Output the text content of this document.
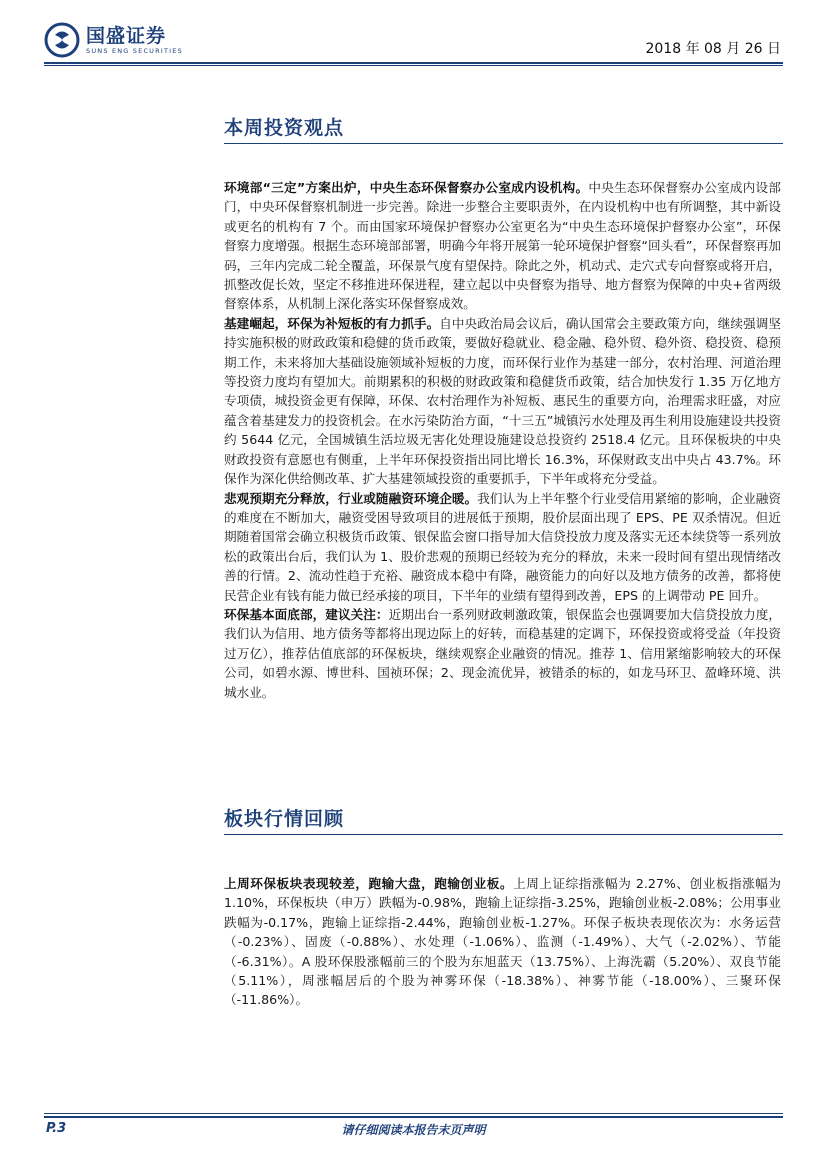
国盛证券
SUNS ENG SECURITIES	2018 年 08 月 26 日
本周投资观点

环境部“三定”方案出炉，中央生态环保督察办公室成内设机构。中央生态环保督察办公室成内设部门，中央环保督察机制进一步完善。除进一步整合主要职责外，在内设机构中也有所调整，其中新设或更名的机构有 7 个。而由国家环境保护督察办公室更名为“中央生态环境保护督察办公室”，环保督察力度增强。根据生态环境部部署，明确今年将开展第一轮环境保护督察“回头看”，环保督察再加码，三年内完成二轮全覆盖，环保景气度有望保持。除此之外，机动式、走穴式专向督察或将开启，抓整改促长效，坚定不移推进环保进程，建立起以中央督察为指导、地方督察为保障的中央+省两级督察体系，从机制上深化落实环保督察成效。

基建崛起，环保为补短板的有力抓手。自中央政治局会议后，确认国常会主要政策方向，继续强调坚持实施积极的财政政策和稳健的货币政策，要做好稳就业、稳金融、稳外贸、稳外资、稳投资、稳预期工作，未来将加大基础设施领域补短板的力度，而环保行业作为基建一部分，农村治理、河道治理等投资力度均有望加大。前期累积的积极的财政政策和稳健货币政策，结合加快发行 1.35 万亿地方专项债，城投资金更有保障，环保、农村治理作为补短板、惠民生的重要方向，治理需求旺盛，对应蕴含着基建发力的投资机会。在水污染防治方面，“十三五”城镇污水处理及再生利用设施建设共投资约 5644 亿元，全国城镇生活垃圾无害化处理设施建设总投资约 2518.4 亿元。且环保板块的中央财政投资有意愿也有侧重，上半年环保投资指出同比增长 16.3%，环保财政支出中央占 43.7%。环保作为深化供给侧改革、扩大基建领域投资的重要抓手，下半年或将充分受益。

悲观预期充分释放，行业或随融资环境企暖。我们认为上半年整个行业受信用紧缩的影响，企业融资的难度在不断加大，融资受困导致项目的进展低于预期，股价层面出现了 EPS、PE 双杀情况。但近期随着国常会确立积极货币政策、银保监会窗口指导加大信贷投放力度及落实无还本续贷等一系列放松的政策出台后，我们认为 1、股价悲观的预期已经较为充分的释放，未来一段时间有望出现情绪改善的行情。2、流动性趋于充裕、融资成本稳中有降，融资能力的向好以及地方债务的改善，都将使民营企业有钱有能力做已经承接的项目，下半年的业绩有望得到改善，EPS 的上调带动 PE 回升。

环保基本面底部，建议关注：近期出台一系列财政刺激政策，银保监会也强调要加大信贷投放力度，我们认为信用、地方债务等都将出现边际上的好转，而稳基建的定调下，环保投资或将受益（年投资过万亿），推荐估值底部的环保板块，继续观察企业融资的情况。推荐 1、信用紧缩影响较大的环保公司，如碧水源、博世科、国祯环保；2、现金流优异，被错杀的标的，如龙马环卫、盈峰环境、洪城水业。

板块行情回顾

上周环保板块表现较差，跑输大盘，跑输创业板。上周上证综指涨幅为 2.27%、创业板指涨幅为 1.10%，环保板块（申万）跌幅为-0.98%，跑输上证综指-3.25%，跑输创业板-2.08%；公用事业跌幅为-0.17%，跑输上证综指-2.44%，跑输创业板-1.27%。环保子板块表现依次为：水务运营（-0.23%）、固废（-0.88%）、水处理（-1.06%）、监测（-1.49%）、大气（-2.02%）、节能（-6.31%）。A 股环保股涨幅前三的个股为东旭蓝天（13.75%）、上海洗霸（5.20%）、双良节能（5.11%），周涨幅居后的个股为神雾环保（-18.38%）、神雾节能（-18.00%）、三聚环保（-11.86%）。

P.3	请仔细阅读本报告末页声明
